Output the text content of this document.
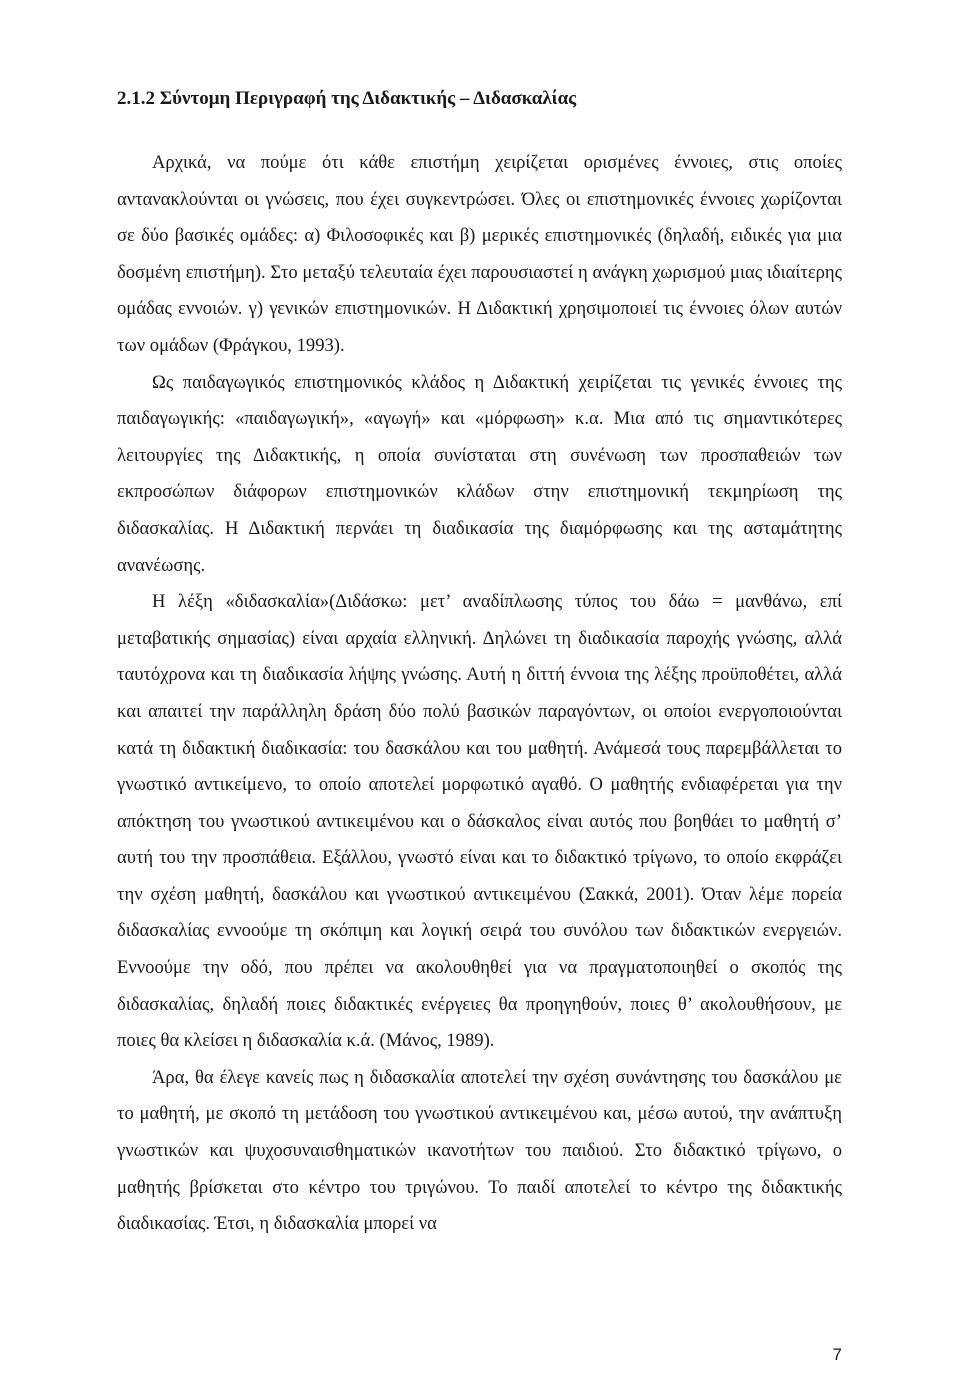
2.1.2 Σύντομη Περιγραφή της Διδακτικής – Διδασκαλίας

Αρχικά, να πούμε ότι κάθε επιστήμη χειρίζεται ορισμένες έννοιες, στις οποίες αντανακλούνται οι γνώσεις, που έχει συγκεντρώσει. Όλες οι επιστημονικές έννοιες χωρίζονται σε δύο βασικές ομάδες: α) Φιλοσοφικές και β) μερικές επιστημονικές (δηλαδή, ειδικές για μια δοσμένη επιστήμη). Στο μεταξύ τελευταία έχει παρουσιαστεί η ανάγκη χωρισμού μιας ιδιαίτερης ομάδας εννοιών. γ) γενικών επιστημονικών. Η Διδακτική χρησιμοποιεί τις έννοιες όλων αυτών των ομάδων (Φράγκου, 1993).

Ως παιδαγωγικός επιστημονικός κλάδος η Διδακτική χειρίζεται τις γενικές έννοιες της παιδαγωγικής: «παιδαγωγική», «αγωγή» και «μόρφωση» κ.α. Μια από τις σημαντικότερες λειτουργίες της Διδακτικής, η οποία συνίσταται στη συνένωση των προσπαθειών των εκπροσώπων διάφορων επιστημονικών κλάδων στην επιστημονική τεκμηρίωση της διδασκαλίας. Η Διδακτική περνάει τη διαδικασία της διαμόρφωσης και της ασταμάτητης ανανέωσης.

Η λέξη «διδασκαλία»(Διδάσκω: μετ’ αναδίπλωσης τύπος του δάω = μανθάνω, επί μεταβατικής σημασίας) είναι αρχαία ελληνική. Δηλώνει τη διαδικασία παροχής γνώσης, αλλά ταυτόχρονα και τη διαδικασία λήψης γνώσης. Αυτή η διττή έννοια της λέξης προϋποθέτει, αλλά και απαιτεί την παράλληλη δράση δύο πολύ βασικών παραγόντων, οι οποίοι ενεργοποιούνται κατά τη διδακτική διαδικασία: του δασκάλου και του μαθητή. Ανάμεσά τους παρεμβάλλεται το γνωστικό αντικείμενο, το οποίο αποτελεί μορφωτικό αγαθό. Ο μαθητής ενδιαφέρεται για την απόκτηση του γνωστικού αντικειμένου και ο δάσκαλος είναι αυτός που βοηθάει το μαθητή σ’ αυτή του την προσπάθεια. Εξάλλου, γνωστό είναι και το διδακτικό τρίγωνο, το οποίο εκφράζει την σχέση μαθητή, δασκάλου και γνωστικού αντικειμένου (Σακκά, 2001). Όταν λέμε πορεία διδασκαλίας εννοούμε τη σκόπιμη και λογική σειρά του συνόλου των διδακτικών ενεργειών. Εννοούμε την οδό, που πρέπει να ακολουθηθεί για να πραγματοποιηθεί ο σκοπός της διδασκαλίας, δηλαδή ποιες διδακτικές ενέργειες θα προηγηθούν, ποιες θ’ ακολουθήσουν, με ποιες θα κλείσει η διδασκαλία κ.ά. (Μάνος, 1989).

Άρα, θα έλεγε κανείς πως η διδασκαλία αποτελεί την σχέση συνάντησης του δασκάλου με το μαθητή, με σκοπό τη μετάδοση του γνωστικού αντικειμένου και, μέσω αυτού, την ανάπτυξη γνωστικών και ψυχοσυναισθηματικών ικανοτήτων του παιδιού. Στο διδακτικό τρίγωνο, ο μαθητής βρίσκεται στο κέντρο του τριγώνου. Το παιδί αποτελεί το κέντρο της διδακτικής διαδικασίας. Έτσι, η διδασκαλία μπορεί να

7
